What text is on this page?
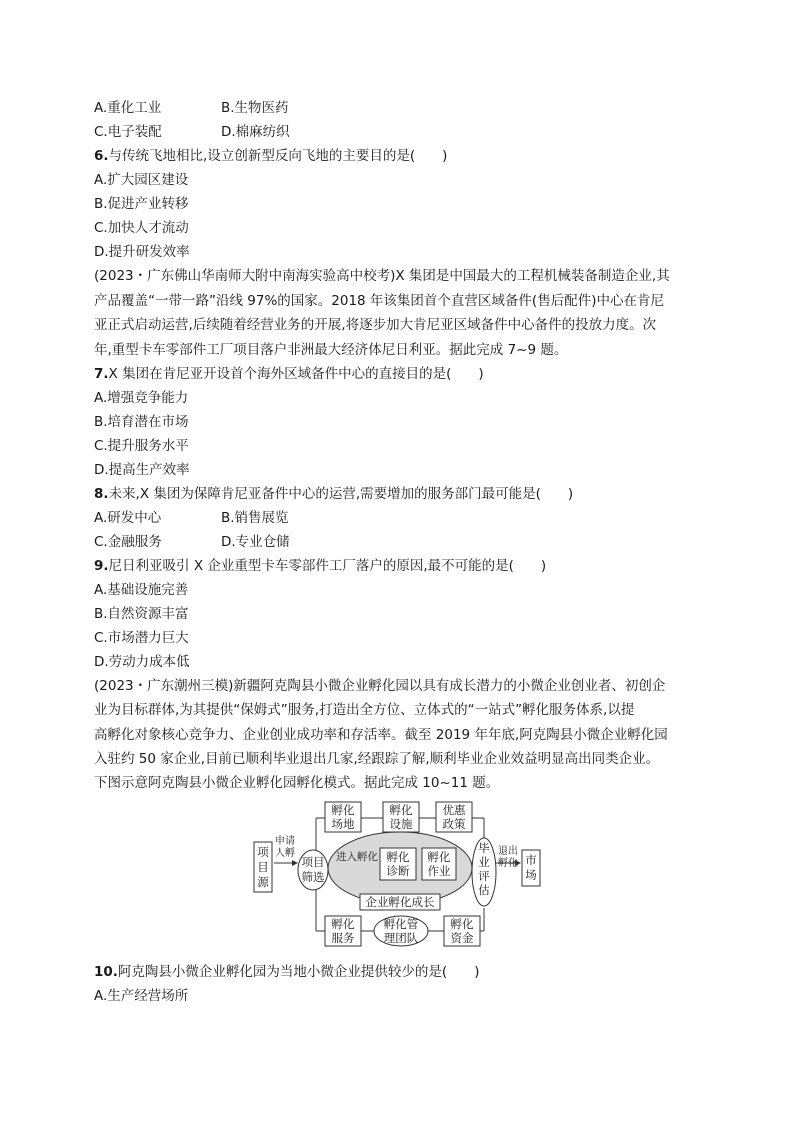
A.重化工业	B.生物医药
C.电子装配	D.棉麻纺织
6.与传统飞地相比,设立创新型反向飞地的主要目的是(　　)
A.扩大园区建设
B.促进产业转移
C.加快人才流动
D.提升研发效率
(2023・广东佛山华南师大附中南海实验高中校考)X 集团是中国最大的工程机械装备制造企业,其
产品覆盖“一带一路”沿线 97%的国家。2018 年该集团首个直营区域备件(售后配件)中心在肯尼
亚正式启动运营,后续随着经营业务的开展,将逐步加大肯尼亚区域备件中心备件的投放力度。次
年,重型卡车零部件工厂项目落户非洲最大经济体尼日利亚。据此完成 7~9 题。
7.X 集团在肯尼亚开设首个海外区域备件中心的直接目的是(　　)
A.增强竞争能力
B.培育潜在市场
C.提升服务水平
D.提高生产效率
8.未来,X 集团为保障肯尼亚备件中心的运营,需要增加的服务部门最可能是(　　)
A.研发中心	B.销售展览
C.金融服务	D.专业仓储
9.尼日利亚吸引 X 企业重型卡车零部件工厂落户的原因,最不可能的是(　　)
A.基础设施完善
B.自然资源丰富
C.市场潜力巨大
D.劳动力成本低
(2023・广东潮州三模)新疆阿克陶县小微企业孵化园以具有成长潜力的小微企业创业者、初创企
业为目标群体,为其提供“保姆式”服务,打造出全方位、立体式的“一站式”孵化服务体系,以提
高孵化对象核心竞争力、企业创业成功率和存活率。截至 2019 年年底,阿克陶县小微企业孵化园
入驻约 50 家企业,目前已顺利毕业退出几家,经跟踪了解,顺利毕业企业效益明显高出同类企业。
下图示意阿克陶县小微企业孵化园孵化模式。据此完成 10~11 题。
项
目
源
申请
人孵
项目
筛选
孵化
场地
孵化
设施
优惠
政策
进入孵化 孵化
诊断
孵化
作业
企业孵化成长
毕
业
评
估
退出
孵化 市
场
孵化
服务
孵化管
理团队
孵化
资金
10.阿克陶县小微企业孵化园为当地小微企业提供较少的是(　　)
A.生产经营场所
